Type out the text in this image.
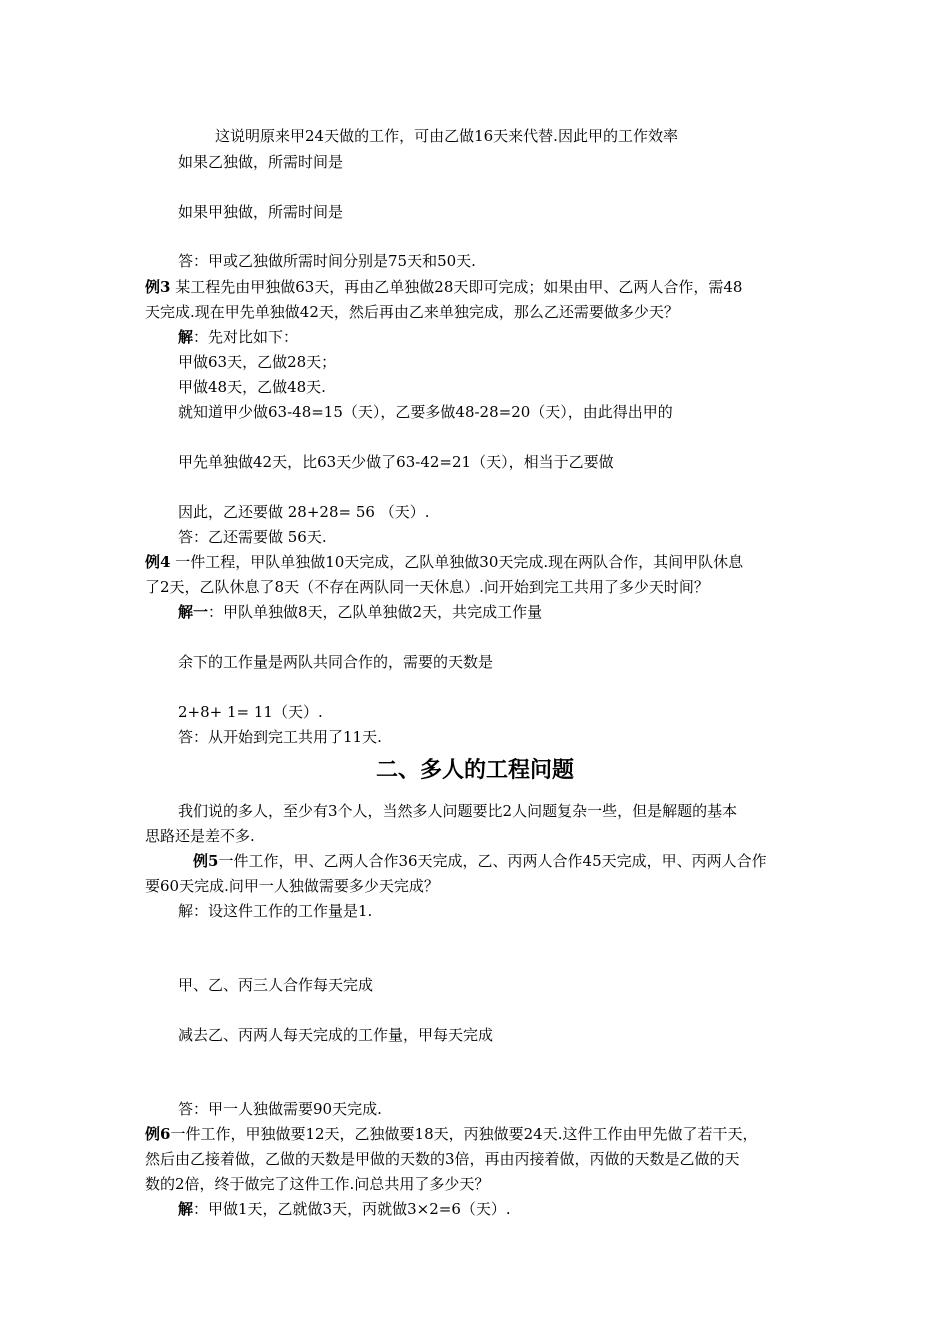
这说明原来甲24天做的工作，可由乙做16天来代替.因此甲的工作效率
如果乙独做，所需时间是
如果甲独做，所需时间是
答：甲或乙独做所需时间分别是75天和50天.
例3 某工程先由甲独做63天，再由乙单独做28天即可完成；如果由甲、乙两人合作，需48
天完成.现在甲先单独做42天，然后再由乙来单独完成，那么乙还需要做多少天？
解：先对比如下：
甲做63天，乙做28天；
甲做48天，乙做48天.
就知道甲少做63-48=15（天），乙要多做48-28=20（天），由此得出甲的
甲先单独做42天，比63天少做了63-42=21（天），相当于乙要做
因此，乙还要做 28+28= 56 （天）.
答：乙还需要做 56天.
例4 一件工程，甲队单独做10天完成，乙队单独做30天完成.现在两队合作，其间甲队休息
了2天，乙队休息了8天（不存在两队同一天休息）.问开始到完工共用了多少天时间？
解一：甲队单独做8天，乙队单独做2天，共完成工作量
余下的工作量是两队共同合作的，需要的天数是
2+8+ 1= 11（天）.
答：从开始到完工共用了11天.
二、多人的工程问题
我们说的多人，至少有3个人，当然多人问题要比2人问题复杂一些，但是解题的基本
思路还是差不多.
例5一件工作，甲、乙两人合作36天完成，乙、丙两人合作45天完成，甲、丙两人合作
要60天完成.问甲一人独做需要多少天完成？
解：设这件工作的工作量是1.
甲、乙、丙三人合作每天完成
减去乙、丙两人每天完成的工作量，甲每天完成
答：甲一人独做需要90天完成.
例6一件工作，甲独做要12天，乙独做要18天，丙独做要24天.这件工作由甲先做了若干天，
然后由乙接着做，乙做的天数是甲做的天数的3倍，再由丙接着做，丙做的天数是乙做的天
数的2倍，终于做完了这件工作.问总共用了多少天？
解：甲做1天，乙就做3天，丙就做3×2=6（天）.
